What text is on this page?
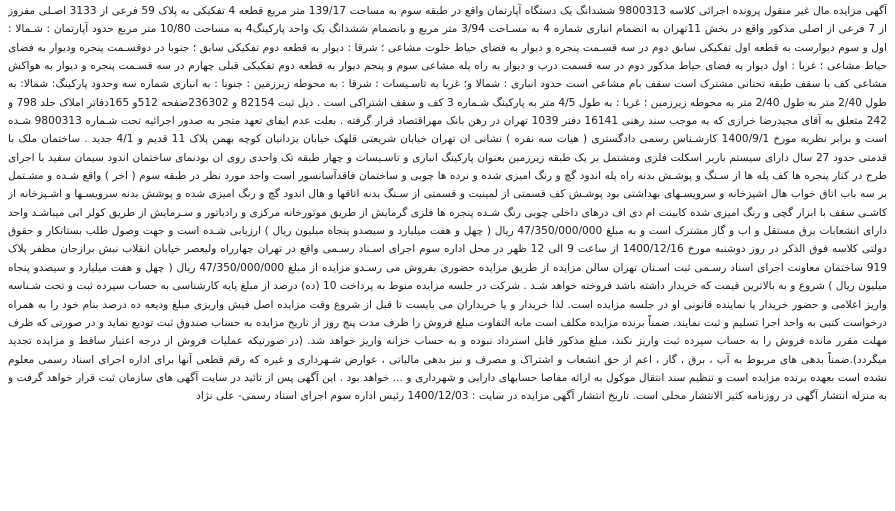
آگهی مزایده مال غیر منقول پرونده اجرائی کلاسه 9800313 ششدانگ یک دستگاه آپارتمان واقع در طبقه سوم به مساحت 139/17 متر مربع قطعه 4 تفکیکی به پلاک 59 فرعی از 3133 اصـلی مفروز از 7 فرعی از اصلی مذکور واقع در بخش 11تهران به انضمام انباری شماره 4 به مسـاحت 3/94 متر مربع و بانضمام ششدانگ یک واحد پارکینگ4 به مساحت 10/80 متر مربع حدود آپارتمان : شـمالا : اول و سوم دیوارست به قطعه اول تفکیکی سابق دوم در سه قسـمت پنجره و دیوار به فضای حیاط خلوت مشاعی ؛ شرقا : دیوار به قطعه دوم تفکیکی سابق ؛ جنوبا در دوقسـمت پنجره ودیوار به فضای حیاط مشاعی ؛ غربا : اول دیوار به فضای حیاط مذکور دوم در سه قسمت درب و دیوار به راه پله مشاعی سوم و پنجم دیوار به قطعه دوم تفکیکی قبلی چهارم در سه قسـمت پنجره و دیوار به هواکش مشاعی کف با سقف طبقه تحتانی مشترک است سقف بام مشاعی است حدود انباری : شمالا و؛ غربا به تاسـیسات : شرقا : به محوطه زیرزمین : جنوبا : به انباری شماره سه وحدود پارکینگ: شمالا: به طول 2/40 متر به طول 2/40 متر به محوطه زیرزمین ؛ غربا : به طول 4/5 متر به پارکینگ شـماره 3 کف و سقف اشتراکی است . ذیل ثبت 82154 و 236302صفحه 512و 165دفاتر املاک جلد 798 و 242 متعلق به آقای مجیدرضا خرازی که به موجب سند رهنی 16141 دفتر 1039 تهران در رهن بانک مهراقتصاد قرار گرفته . بعلت عدم ایفای تعهد متجر به صدور اجرائیه تحت شـماره 9800313 شـده است و برابر نظریه مورخ 1400/9/1 کارشـناس رسمی دادگستری ( هیات سه نفره ) نشانی ان تهران خیابان شریعتی قلهک خیابان یزدانیان کوچه بهمن پلاک 11 قدیم و 4/1 جدید . ساختمان ملک با قدمتی حدود 27 سال دارای سیستم باربر اسکلت فلزی ومشتمل بر یک طبقه زیرزمین بعنوان پارکینگ انباری و تاسـیسات و چهار طبقه تک واحدی روی ان بودنمای ساختمان اندود سیمان سفید با اجرای طرح در کنار پنجره ها کف پله ها از سـنگ و پوشـش بدنه راه پله اندود گچ و رنگ امیزی شده و نرده ها چوبی و ساختمان فاقدآسانسور است واحد مورد نظر در طبقه سوم ( اخر ) واقع شـده و مشـتمل بر سه باب اتاق خواب هال اشپزخانه و سرویسـهای بهداشتی بود پوشـش کف قسمتی از لمینیت و قسمتی از سـنگ بدنه اتاقها و هال اندود گچ و رنگ امیزی شده و پوشش بدنه سرویسـها و اشـپزخانه از کاشـی سقف با ابزار گچی و رنگ امیزی شده کابینت ام دی اف درهای داخلی چوبی رنگ شـده پنجره ها فلزی گرمایش از طریق موتورخانه مرکزی و رادیاتور و سـرمایش از طریق کولر ابی میباشـد واحد دارای انشعابات برق مستقل و اب و گاز مشترک است و به مبلغ 47/350/000/000 ریال ( چهل و هفت میلیارد و سیصدو پنجاه میلیون ریال ) ارزیابی شـده است و جهت وصول طلب بستانکار و حقوق دولتی کلاسه فوق الذکر در روز دوشنبه مورخ 1400/12/16 از ساعت 9 الی 12 ظهر در محل اداره سوم اجرای اسـناد رسـمی واقع در تهران چهارراه ولیعصر خیابان انقلاب نبش برازجان مظفر پلاک 919 ساختمان معاونت اجرای اسناد رسـمی ثبت اسـتان تهران سالن مزایده از طریق مزایده حضوری بفروش می رسـدو مزایده از مبلغ 47/350/000/000 ریال ( چهل و هفت میلیارد و سیصدو پنجاه میلیون ریال ) شروع و به بالاترین قیمت که خریدار داشته باشد فروخته خواهد شـد . شرکت در جلسه مزایده منوط به پرداخت 10 (ده) درصد از مبلغ پایه کارشناسی به حساب سپرده ثبت و تحت شـناسه واریز اعلامی و حضور خریدار یا نماینده قانونی او در جلسه مزایده است. لذا خریدار و یا خریداران می بایست تا قبل از شروع وقت مزایده اصل فیش واریزی مبلغ ودیعه ده درصد بنام خود را به همراه درخواست کتبی به واحد اجرا تسلیم و ثبت نمایند. ضمناً برنده مزایده مکلف است مابه التفاوت مبلغ فروش را ظرف مدت پنج روز از تاریخ مزایده به حساب صندوق ثبت تودیع نماید و در صورتی که ظرف مهلت مقرر مانده فروش را به حساب سپرده ثبت واریز نکند، مبلغ مذکور قابل استرداد نبوده و به حساب خزانه واریز خواهد شد. (در صورتیکه عملیات فروش از درجه اعتبار ساقط و مزایده تجدید میگردد).ضمناً بدهی های مربوط به آب ، برق ، گاز ، اعم از حق انشعاب و اشتراک و مصرف و نیز بدهی مالیاتی ، عوارض شـهرداری و غیره که رقم قطعی آنها برای اداره اجرای اسناد رسمی معلوم نشده است بعهده برنده مزایده است و تنظیم سند انتقال موکول به ارائه مفاصا حسابهای دارایی و شهرداری و ... خواهد بود . این آگهی پس از تائید در سایت آگهی های سازمان ثبت قرار خواهد گرفت و به منزله انتشار آگهی در روزنامه کثیر الانتشار محلی است. تاریخ انتشار آگهی مزایده در سایت : 1400/12/03 رئیس اداره سوم اجرای اسناد رسمی- علی نژاد
